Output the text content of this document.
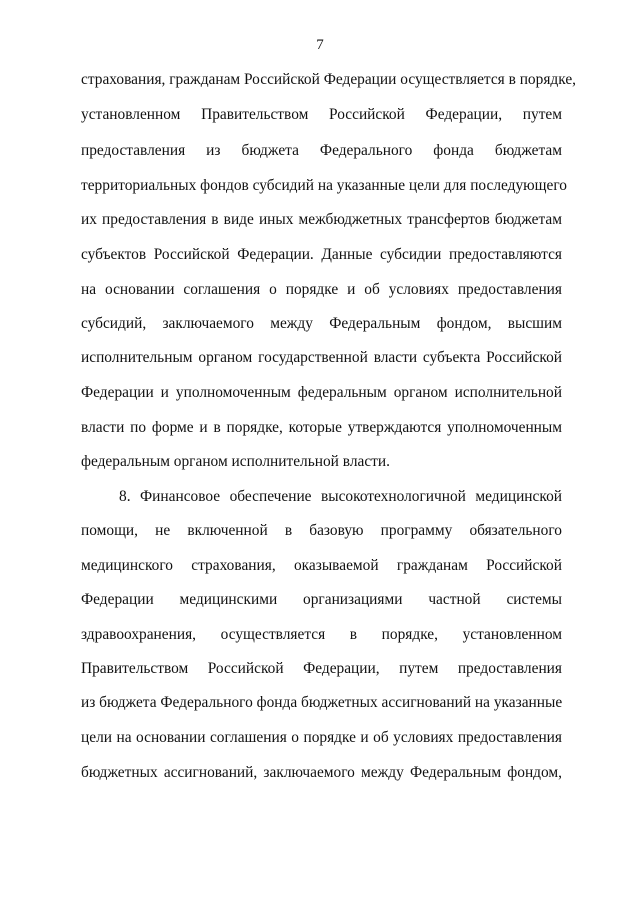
7
страхования, гражданам Российской Федерации осуществляется в порядке,
установленном Правительством Российской Федерации, путем
предоставления из бюджета Федерального фонда бюджетам
территориальных фондов субсидий на указанные цели для последующего
их предоставления в виде иных межбюджетных трансфертов бюджетам
субъектов Российской Федерации. Данные субсидии предоставляются
на основании соглашения о порядке и об условиях предоставления
субсидий, заключаемого между Федеральным фондом, высшим
исполнительным органом государственной власти субъекта Российской
Федерации и уполномоченным федеральным органом исполнительной
власти по форме и в порядке, которые утверждаются уполномоченным
федеральным органом исполнительной власти.
8. Финансовое обеспечение высокотехнологичной медицинской
помощи, не включенной в базовую программу обязательного
медицинского страхования, оказываемой гражданам Российской
Федерации медицинскими организациями частной системы
здравоохранения, осуществляется в порядке, установленном
Правительством Российской Федерации, путем предоставления
из бюджета Федерального фонда бюджетных ассигнований на указанные
цели на основании соглашения о порядке и об условиях предоставления
бюджетных ассигнований, заключаемого между Федеральным фондом,
